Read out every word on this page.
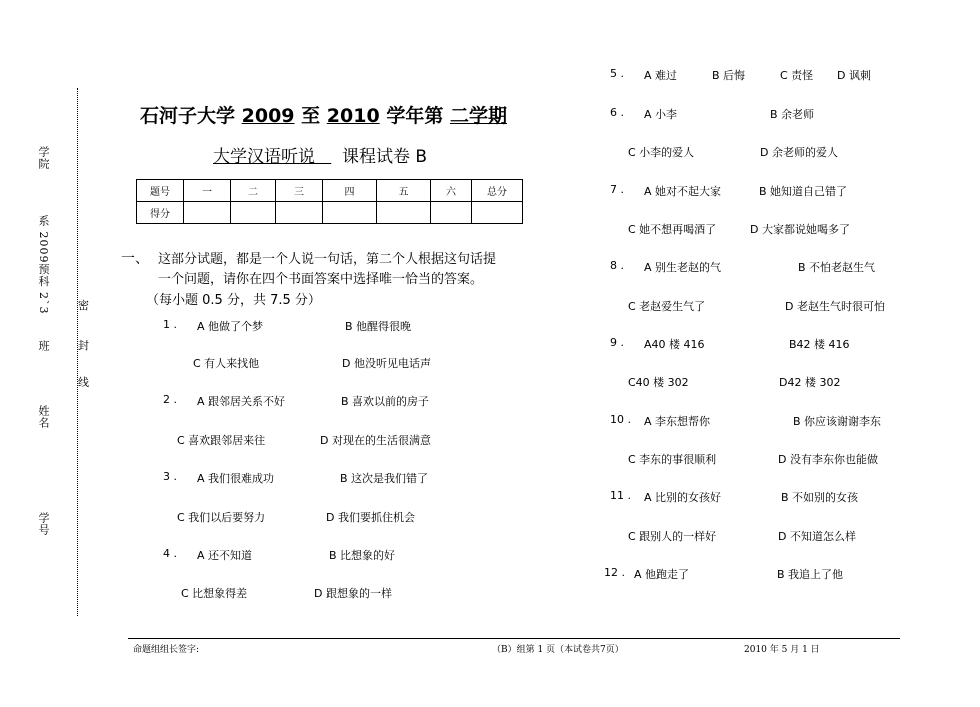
学院
系 2009预科 2`3
班
姓名
学号
密
封
线
石河子大学 2009 至 2010 学年第 二学期
大学汉语听说 课程试卷 B
题号	一	二	三	四	五	六	总分
得分							
一、 这部分试题，都是一个人说一句话，第二个人根据这句话提
一个问题，请你在四个书面答案中选择唯一恰当的答案。
（每小题 0.5 分，共 7.5 分）
1 . A 他做了个梦	B 他醒得很晚
C 有人来找他	D 他没听见电话声
2 . A 跟邻居关系不好	B 喜欢以前的房子
C 喜欢跟邻居来往	D 对现在的生活很满意
3 . A 我们很难成功	B 这次是我们错了
C 我们以后要努力	D 我们要抓住机会
4 . A 还不知道	B 比想象的好
C 比想象得差	D 跟想象的一样
5 . A 难过	B 后悔	C 责怪 D 讽刺
6 . A 小李	B 余老师
C 小李的爱人	D 余老师的爱人
7 . A 她对不起大家	B 她知道自己错了
C 她不想再喝酒了	D 大家都说她喝多了
8 . A 别生老赵的气	B 不怕老赵生气
C 老赵爱生气了	D 老赵生气时很可怕
9 . A40 楼 416	B42 楼 416
C40 楼 302	D42 楼 302
10 . A 李东想帮你	B 你应该谢谢李东
C 李东的事很顺利	D 没有李东你也能做
11 . A 比别的女孩好	B 不如别的女孩
C 跟别人的一样好	D 不知道怎么样
12 . A 他跑走了	B 我追上了他
命题组组长签字:	（B）组第 1 页（本试卷共7页）	2010 年 5 月 1 日
